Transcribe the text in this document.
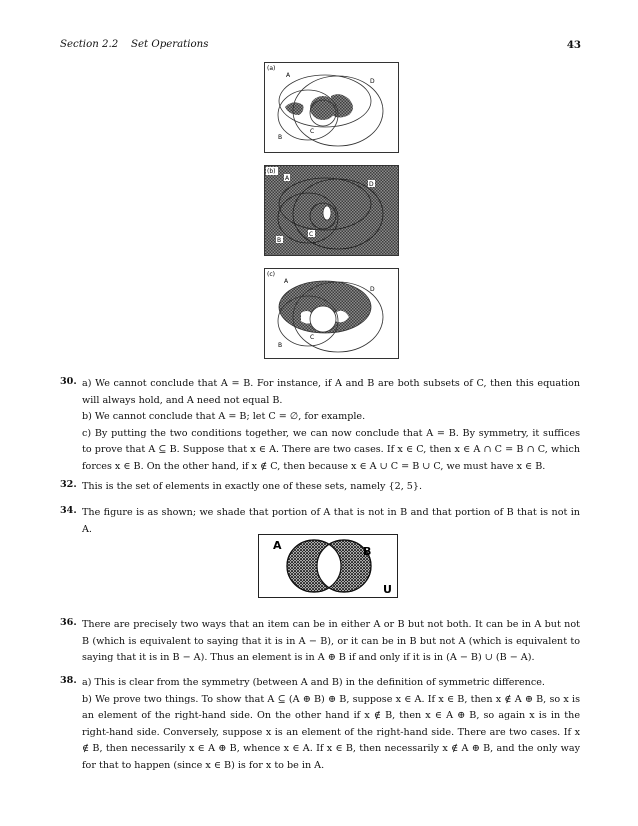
Section 2.2 Set Operations	43
(a)
A
D
B
C
(b)
A
D
B
C
(c)
A
D
B
C
30. a) We cannot conclude that A = B. For instance, if A and B are both subsets of C, then this equation will always hold, and A need not equal B.

b) We cannot conclude that A = B; let C = ∅, for example.

c) By putting the two conditions together, we can now conclude that A = B. By symmetry, it suffices to prove that A ⊆ B. Suppose that x ∈ A. There are two cases. If x ∈ C, then x ∈ A ∩ C = B ∩ C, which forces x ∈ B. On the other hand, if x ∉ C, then because x ∈ A ∪ C = B ∪ C, we must have x ∈ B.

32. This is the set of elements in exactly one of these sets, namely {2, 5}.

34. The figure is as shown; we shade that portion of A that is not in B and that portion of B that is not in A.

A	B
U
36. There are precisely two ways that an item can be in either A or B but not both. It can be in A but not B (which is equivalent to saying that it is in A − B), or it can be in B but not A (which is equivalent to saying that it is in B − A). Thus an element is in A ⊕ B if and only if it is in (A − B) ∪ (B − A).

38. a) This is clear from the symmetry (between A and B) in the definition of symmetric difference.

b) We prove two things. To show that A ⊆ (A ⊕ B) ⊕ B, suppose x ∈ A. If x ∈ B, then x ∉ A ⊕ B, so x is an element of the right-hand side. On the other hand if x ∉ B, then x ∈ A ⊕ B, so again x is in the right-hand side. Conversely, suppose x is an element of the right-hand side. There are two cases. If x ∉ B, then necessarily x ∈ A ⊕ B, whence x ∈ A. If x ∈ B, then necessarily x ∉ A ⊕ B, and the only way for that to happen (since x ∈ B) is for x to be in A.
